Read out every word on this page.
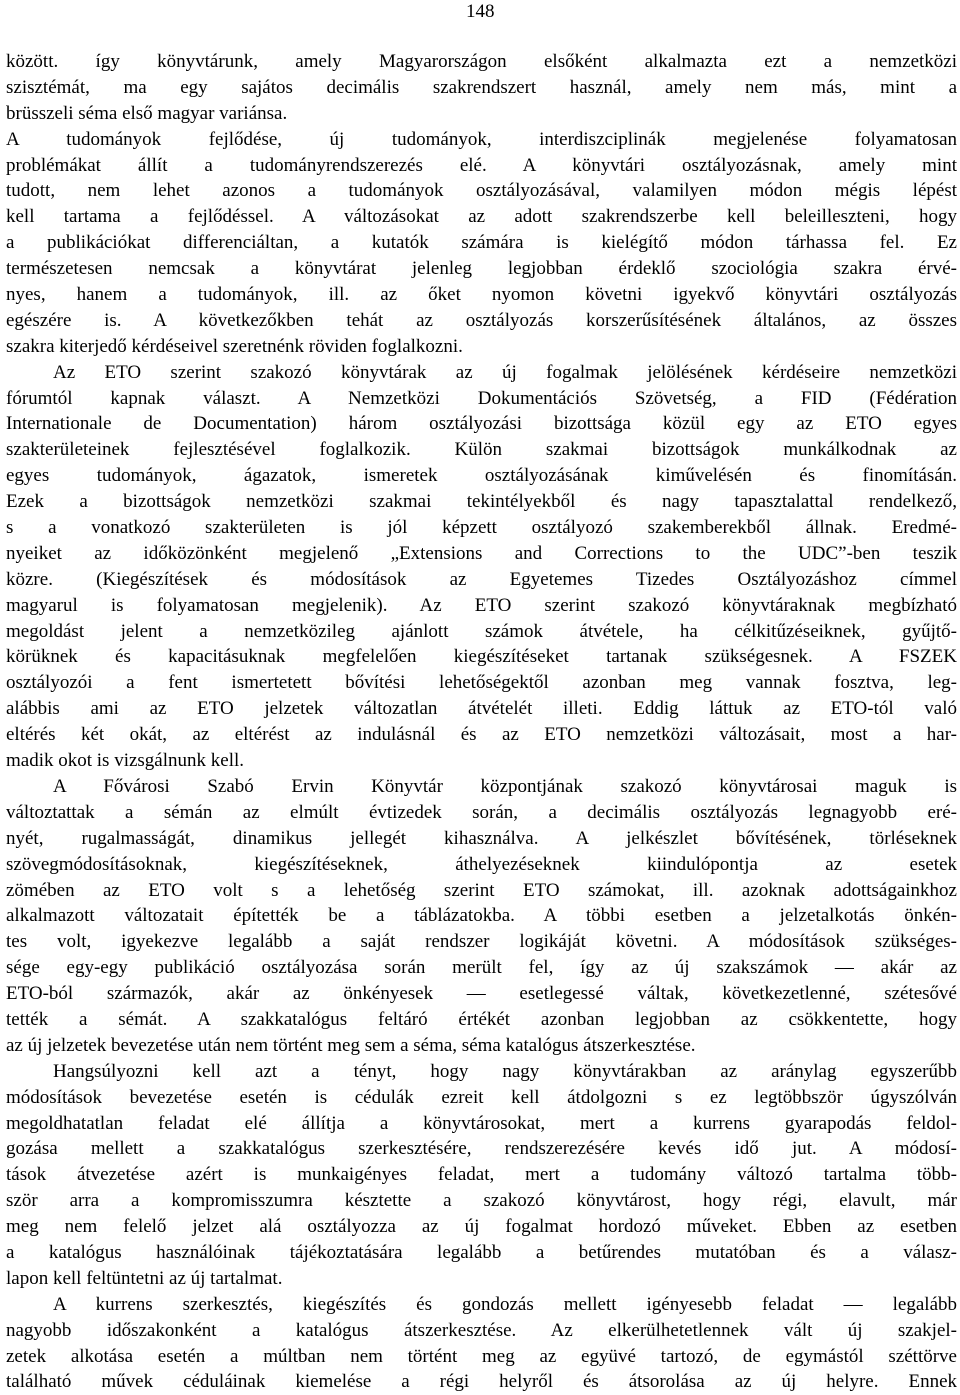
148
között. így könyvtárunk, amely Magyarországon elsőként alkalmazta ezt a nemzetközi
szisztémát, ma egy sajátos decimális szakrendszert használ, amely nem más, mint a
brüsszeli séma első magyar variánsa.
A tudományok fejlődése, új tudományok, interdiszciplinák megjelenése folyamatosan
problémákat állít a tudományrendszerezés elé. A könyvtári osztályozásnak, amely mint
tudott, nem lehet azonos a tudományok osztályozásával, valamilyen módon mégis lépést
kell tartama a fejlődéssel. A változásokat az adott szakrendszerbe kell beleilleszteni, hogy
a publikációkat differenciáltan, a kutatók számára is kielégítő módon tárhassa fel. Ez
természetesen nemcsak a könyvtárat jelenleg legjobban érdeklő szociológia szakra érvé-
nyes, hanem a tudományok, ill. az őket nyomon követni igyekvő könyvtári osztályozás
egészére is. A következőkben tehát az osztályozás korszerűsítésének általános, az összes
szakra kiterjedő kérdéseivel szeretnénk röviden foglalkozni.
Az ETO szerint szakozó könyvtárak az új fogalmak jelölésének kérdéseire nemzetközi
fórumtól kapnak választ. A Nemzetközi Dokumentációs Szövetség, a FID (Fédération
Internationale de Documentation) három osztályozási bizottsága közül egy az ETO egyes
szakterületeinek fejlesztésével foglalkozik. Külön szakmai bizottságok munkálkodnak az
egyes tudományok, ágazatok, ismeretek osztályozásának kiművelésén és finomításán.
Ezek a bizottságok nemzetközi szakmai tekintélyekből és nagy tapasztalattal rendelkező,
s a vonatkozó szakterületen is jól képzett osztályozó szakemberekből állnak. Eredmé-
nyeiket az időközönként megjelenő „Extensions and Corrections to the UDC”-ben teszik
közre. (Kiegészítések és módosítások az Egyetemes Tizedes Osztályozáshoz címmel
magyarul is folyamatosan megjelenik). Az ETO szerint szakozó könyvtáraknak megbízható
megoldást jelent a nemzetközileg ajánlott számok átvétele, ha célkitűzéseiknek, gyűjtő-
körüknek és kapacitásuknak megfelelően kiegészítéseket tartanak szükségesnek. A FSZEK
osztályozói a fent ismertetett bővítési lehetőségektől azonban meg vannak fosztva, leg-
alábbis ami az ETO jelzetek változatlan átvételét illeti. Eddig láttuk az ETO-tól való
eltérés két okát, az eltérést az indulásnál és az ETO nemzetközi változásait, most a har-
madik okot is vizsgálnunk kell.
A Fővárosi Szabó Ervin Könyvtár központjának szakozó könyvtárosai maguk is
változtattak a sémán az elmúlt évtizedek során, a decimális osztályozás legnagyobb eré-
nyét, rugalmasságát, dinamikus jellegét kihasználva. A jelkészlet bővítésének, törléseknek
szövegmódosításoknak, kiegészítéseknek, áthelyezéseknek kiindulópontja az esetek
zömében az ETO volt s a lehetőség szerint ETO számokat, ill. azoknak adottságainkhoz
alkalmazott változatait építették be a táblázatokba. A többi esetben a jelzetalkotás önkén-
tes volt, igyekezve legalább a saját rendszer logikáját követni. A módosítások szükséges-
sége egy-egy publikáció osztályozása során merült fel, így az új szakszámok — akár az
ETO-ból származók, akár az önkényesek — esetlegessé váltak, következetlenné, szétesővé
tették a sémát. A szakkatalógus feltáró értékét azonban legjobban az csökkentette, hogy
az új jelzetek bevezetése után nem történt meg sem a séma, séma katalógus átszerkesztése.
Hangsúlyozni kell azt a tényt, hogy nagy könyvtárakban az aránylag egyszerűbb
módosítások bevezetése esetén is cédulák ezreit kell átdolgozni s ez legtöbbször úgyszólván
megoldhatatlan feladat elé állítja a könyvtárosokat, mert a kurrens gyarapodás feldol-
gozása mellett a szakkatalógus szerkesztésére, rendszerezésére kevés idő jut. A módosí-
tások átvezetése azért is munkaigényes feladat, mert a tudomány változó tartalma több-
ször arra a kompromisszumra késztette a szakozó könyvtárost, hogy régi, elavult, már
meg nem felelő jelzet alá osztályozza az új fogalmat hordozó műveket. Ebben az esetben
a katalógus használóinak tájékoztatására legalább a betűrendes mutatóban és a válasz-
lapon kell feltüntetni az új tartalmat.
A kurrens szerkesztés, kiegészítés és gondozás mellett igényesebb feladat — legalább
nagyobb időszakonként a katalógus átszerkesztése. Az elkerülhetetlennek vált új szakjel-
zetek alkotása esetén a múltban nem történt meg az együvé tartozó, de egymástól széttörve
található művek céduláinak kiemelése a régi helyről és átsorolása az új helyre. Ennek
